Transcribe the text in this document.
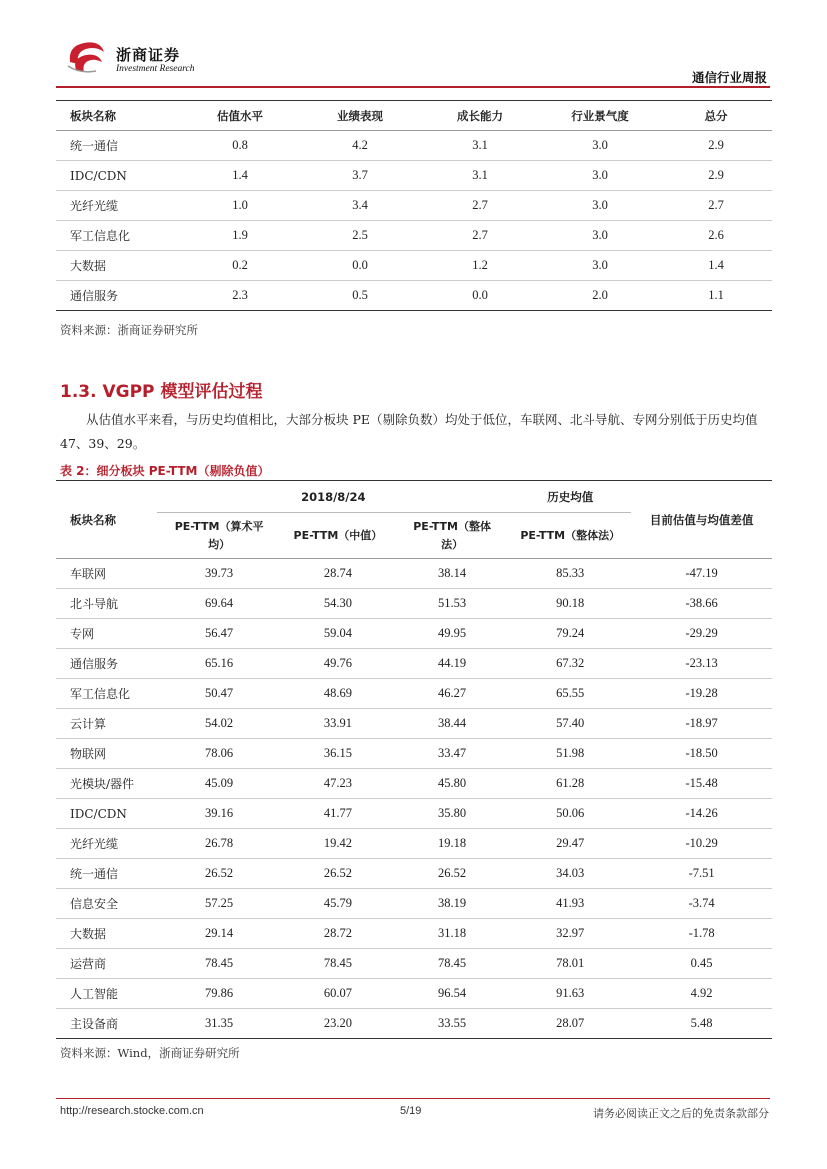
浙商证券
Investment Research
通信行业周报
板块名称	估值水平	业绩表现	成长能力	行业景气度	总分
统一通信	0.8	4.2	3.1	3.0	2.9
IDC/CDN	1.4	3.7	3.1	3.0	2.9
光纤光缆	1.0	3.4	2.7	3.0	2.7
军工信息化	1.9	2.5	2.7	3.0	2.6
大数据	0.2	0.0	1.2	3.0	1.4
通信服务	2.3	0.5	0.0	2.0	1.1
资料来源：浙商证券研究所
1.3. VGPP 模型评估过程
从估值水平来看，与历史均值相比，大部分板块 PE（剔除负数）均处于低位，车联网、北斗导航、专网分别低于历史均值 47、39、29。
表 2：细分板块 PE-TTM（剔除负值）
板块名称	2018/8/24			历史均值	目前估值与均值差值
	PE-TTM（算术平均）	PE-TTM（中值）	PE-TTM（整体法）	PE-TTM（整体法）	
车联网	39.73	28.74	38.14	85.33	-47.19
北斗导航	69.64	54.30	51.53	90.18	-38.66
专网	56.47	59.04	49.95	79.24	-29.29
通信服务	65.16	49.76	44.19	67.32	-23.13
军工信息化	50.47	48.69	46.27	65.55	-19.28
云计算	54.02	33.91	38.44	57.40	-18.97
物联网	78.06	36.15	33.47	51.98	-18.50
光模块/器件	45.09	47.23	45.80	61.28	-15.48
IDC/CDN	39.16	41.77	35.80	50.06	-14.26
光纤光缆	26.78	19.42	19.18	29.47	-10.29
统一通信	26.52	26.52	26.52	34.03	-7.51
信息安全	57.25	45.79	38.19	41.93	-3.74
大数据	29.14	28.72	31.18	32.97	-1.78
运营商	78.45	78.45	78.45	78.01	0.45
人工智能	79.86	60.07	96.54	91.63	4.92
主设备商	31.35	23.20	33.55	28.07	5.48
资料来源：Wind，浙商证券研究所
http://research.stocke.com.cn	5/19	请务必阅读正文之后的免责条款部分
